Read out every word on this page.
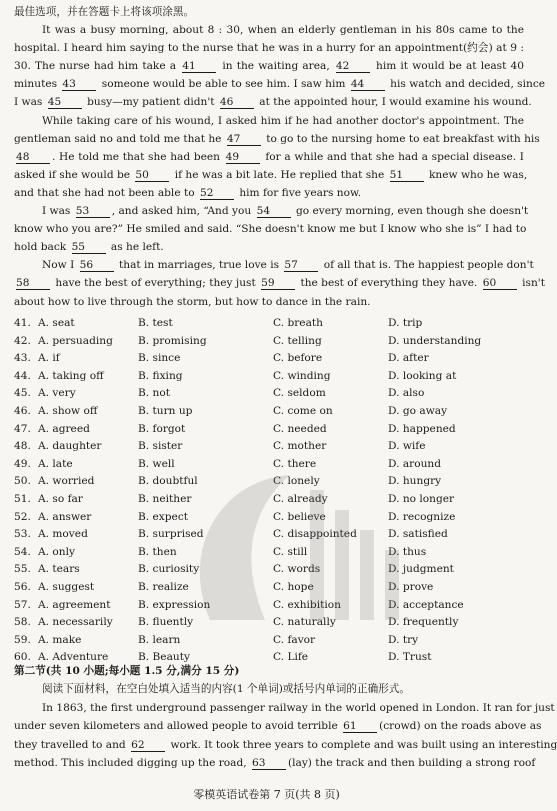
最佳选项，并在答题卡上将该项涂黑。
It was a busy morning, about 8 : 30, when an elderly gentleman in his 80s came to the
hospital. I heard him saying to the nurse that he was in a hurry for an appointment(约会) at 9 :
30. The nurse had him take a 41 in the waiting area, 42 him it would be at least 40
minutes 43 someone would be able to see him. I saw him 44 his watch and decided, since
I was 45 busy—my patient didn't 46 at the appointed hour, I would examine his wound.
While taking care of his wound, I asked him if he had another doctor's appointment. The
gentleman said no and told me that he 47 to go to the nursing home to eat breakfast with his
48 . He told me that she had been 49 for a while and that she had a special disease. I
asked if she would be 50 if he was a bit late. He replied that she 51 knew who he was,
and that she had not been able to 52 him for five years now.
I was 53 , and asked him, “And you 54 go every morning, even though she doesn't
know who you are?” He smiled and said. “She doesn't know me but I know who she is” I had to
hold back 55 as he left.
Now I 56 that in marriages, true love is 57 of all that is. The happiest people don't
58 have the best of everything; they just 59 the best of everything they have. 60 isn't
about how to live through the storm, but how to dance in the rain.
41. A. seat	B. test	C. breath	D. trip
42. A. persuading B. promising	C. telling	D. understanding
43. A. if	B. since	C. before	D. after
44. A. taking off	B. fixing	C. winding	D. looking at
45. A. very	B. not	C. seldom	D. also
46. A. show off	B. turn up	C. come on	D. go away
47. A. agreed	B. forgot	C. needed	D. happened
48. A. daughter	B. sister	C. mother	D. wife
49. A. late	B. well	C. there	D. around
50. A. worried	B. doubtful	C. lonely	D. hungry
51. A. so far	B. neither	C. already	D. no longer
52. A. answer	B. expect	C. believe	D. recognize
53. A. moved	B. surprised	C. disappointed	D. satisfied
54. A. only	B. then	C. still	D. thus
55. A. tears	B. curiosity	C. words	D. judgment
56. A. suggest	B. realize	C. hope	D. prove
57. A. agreement	B. expression	C. exhibition	D. acceptance
58. A. necessarily B. fluently	C. naturally	D. frequently
59. A. make	B. learn	C. favor	D. try
60. A. Adventure	B. Beauty	C. Life	D. Trust
第二节(共 10 小题;每小题 1.5 分,满分 15 分)
阅读下面材料，在空白处填入适当的内容(1 个单词)或括号内单词的正确形式。
In 1863, the first underground passenger railway in the world opened in London. It ran for just
under seven kilometers and allowed people to avoid terrible 61 (crowd) on the roads above as
they travelled to and 62 work. It took three years to complete and was built using an interesting
method. This included digging up the road, 63 (lay) the track and then building a strong roof
零模英语试卷第 7 页(共 8 页)
